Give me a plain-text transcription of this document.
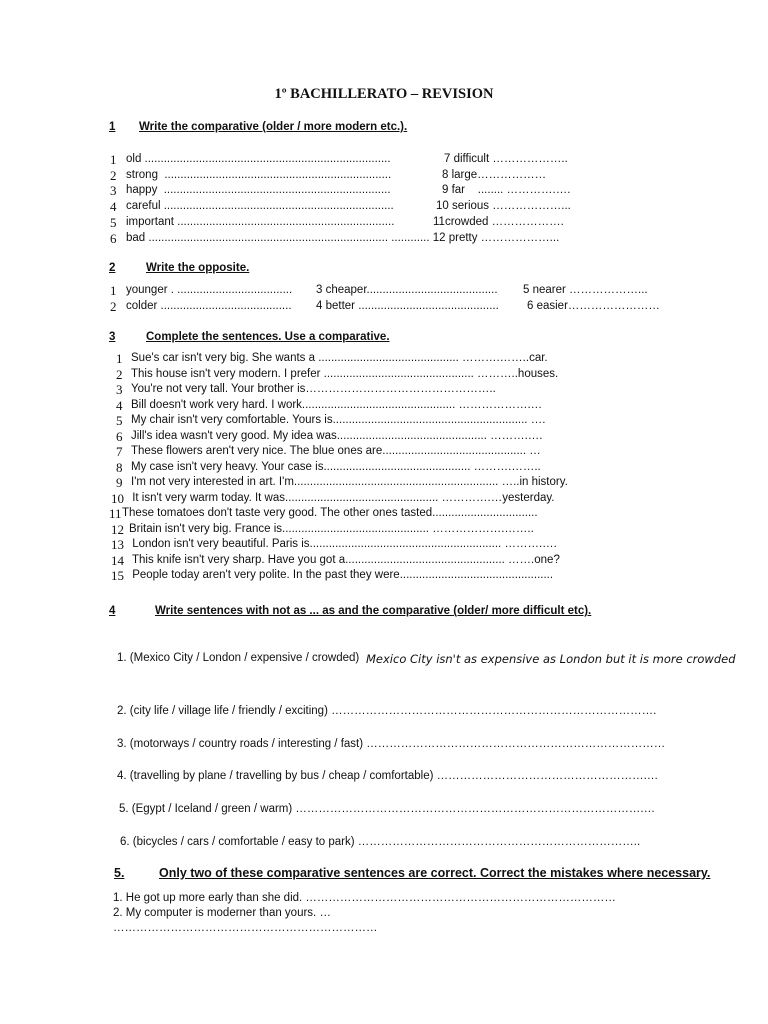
1º BACHILLERATO – REVISION
1 Write the comparative (older / more modern etc.).
1 old .............................................................................	7 difficult ………………..
2 strong  .......................................................................	8 large………………
3 happy  .......................................................................	9 far    ........ ………….….
4 careful ........................................................................	10 serious ………………...
5 important ....................................................................	11crowded ……………….
6 bad ........................................................................... ............ 12 pretty ………………...
2	Write the opposite.
1 younger . .................................... 3 cheaper......................................... 5 nearer ………………...
2 colder ......................................... 4 better ............................................ 6 easier……………………
3	Complete the sentences. Use a comparative.
1 Sue's car isn't very big. She wants a ............................................ ……….……..car.
2 This house isn't very modern. I prefer ............................................... ………..houses.
3 You're not very tall. Your brother is…………………………………………..
4 Bill doesn't work very hard. I work................................................ ……………….…
5 My chair isn't very comfortable. Yours is............................................................. ….
6 Jill's idea wasn't very good. My idea was............................................... ……….….
7 These flowers aren't very nice. The blue ones are............................................. …
8 My case isn't very heavy. Your case is.............................................. ……….……..
9 I'm not very interested in art. I'm................................................................ …..in history.
10 It isn't very warm today. It was................................................ ………….…yesterday.
11 These tomatoes don't taste very good. The other ones tasted.................................
12 Britain isn't very big. France is.............................................. ……………….……..
13 London isn't very beautiful. Paris is............................................................ ……….….
14 This knife isn't very sharp. Have you got a.................................................. …….one?
15 People today aren't very polite. In the past they were................................................
4	Write sentences with not as ... as and the comparative (older/ more difficult etc).
1. (Mexico City / London / expensive / crowded) Mexico City isn't as expensive as London but it is more crowded
2. (city life / village life / friendly / exciting) ………………………………………………………………………….
3. (motorways / country roads / interesting / fast) ……………………………………………………………………
4. (travelling by plane / travelling by bus / cheap / comfortable) ……………………………………………….…
5. (Egypt / Iceland / green / warm) ……………………………………………………………………………….…
6. (bicycles / cars / comfortable / easy to park) ………………………………………………………………..
5.	Only two of these comparative sentences are correct. Correct the mistakes where necessary.
1. He got up more early than she did. ………………………………………………………………………
2. My computer is moderner than yours. …
……………………………………………………………
